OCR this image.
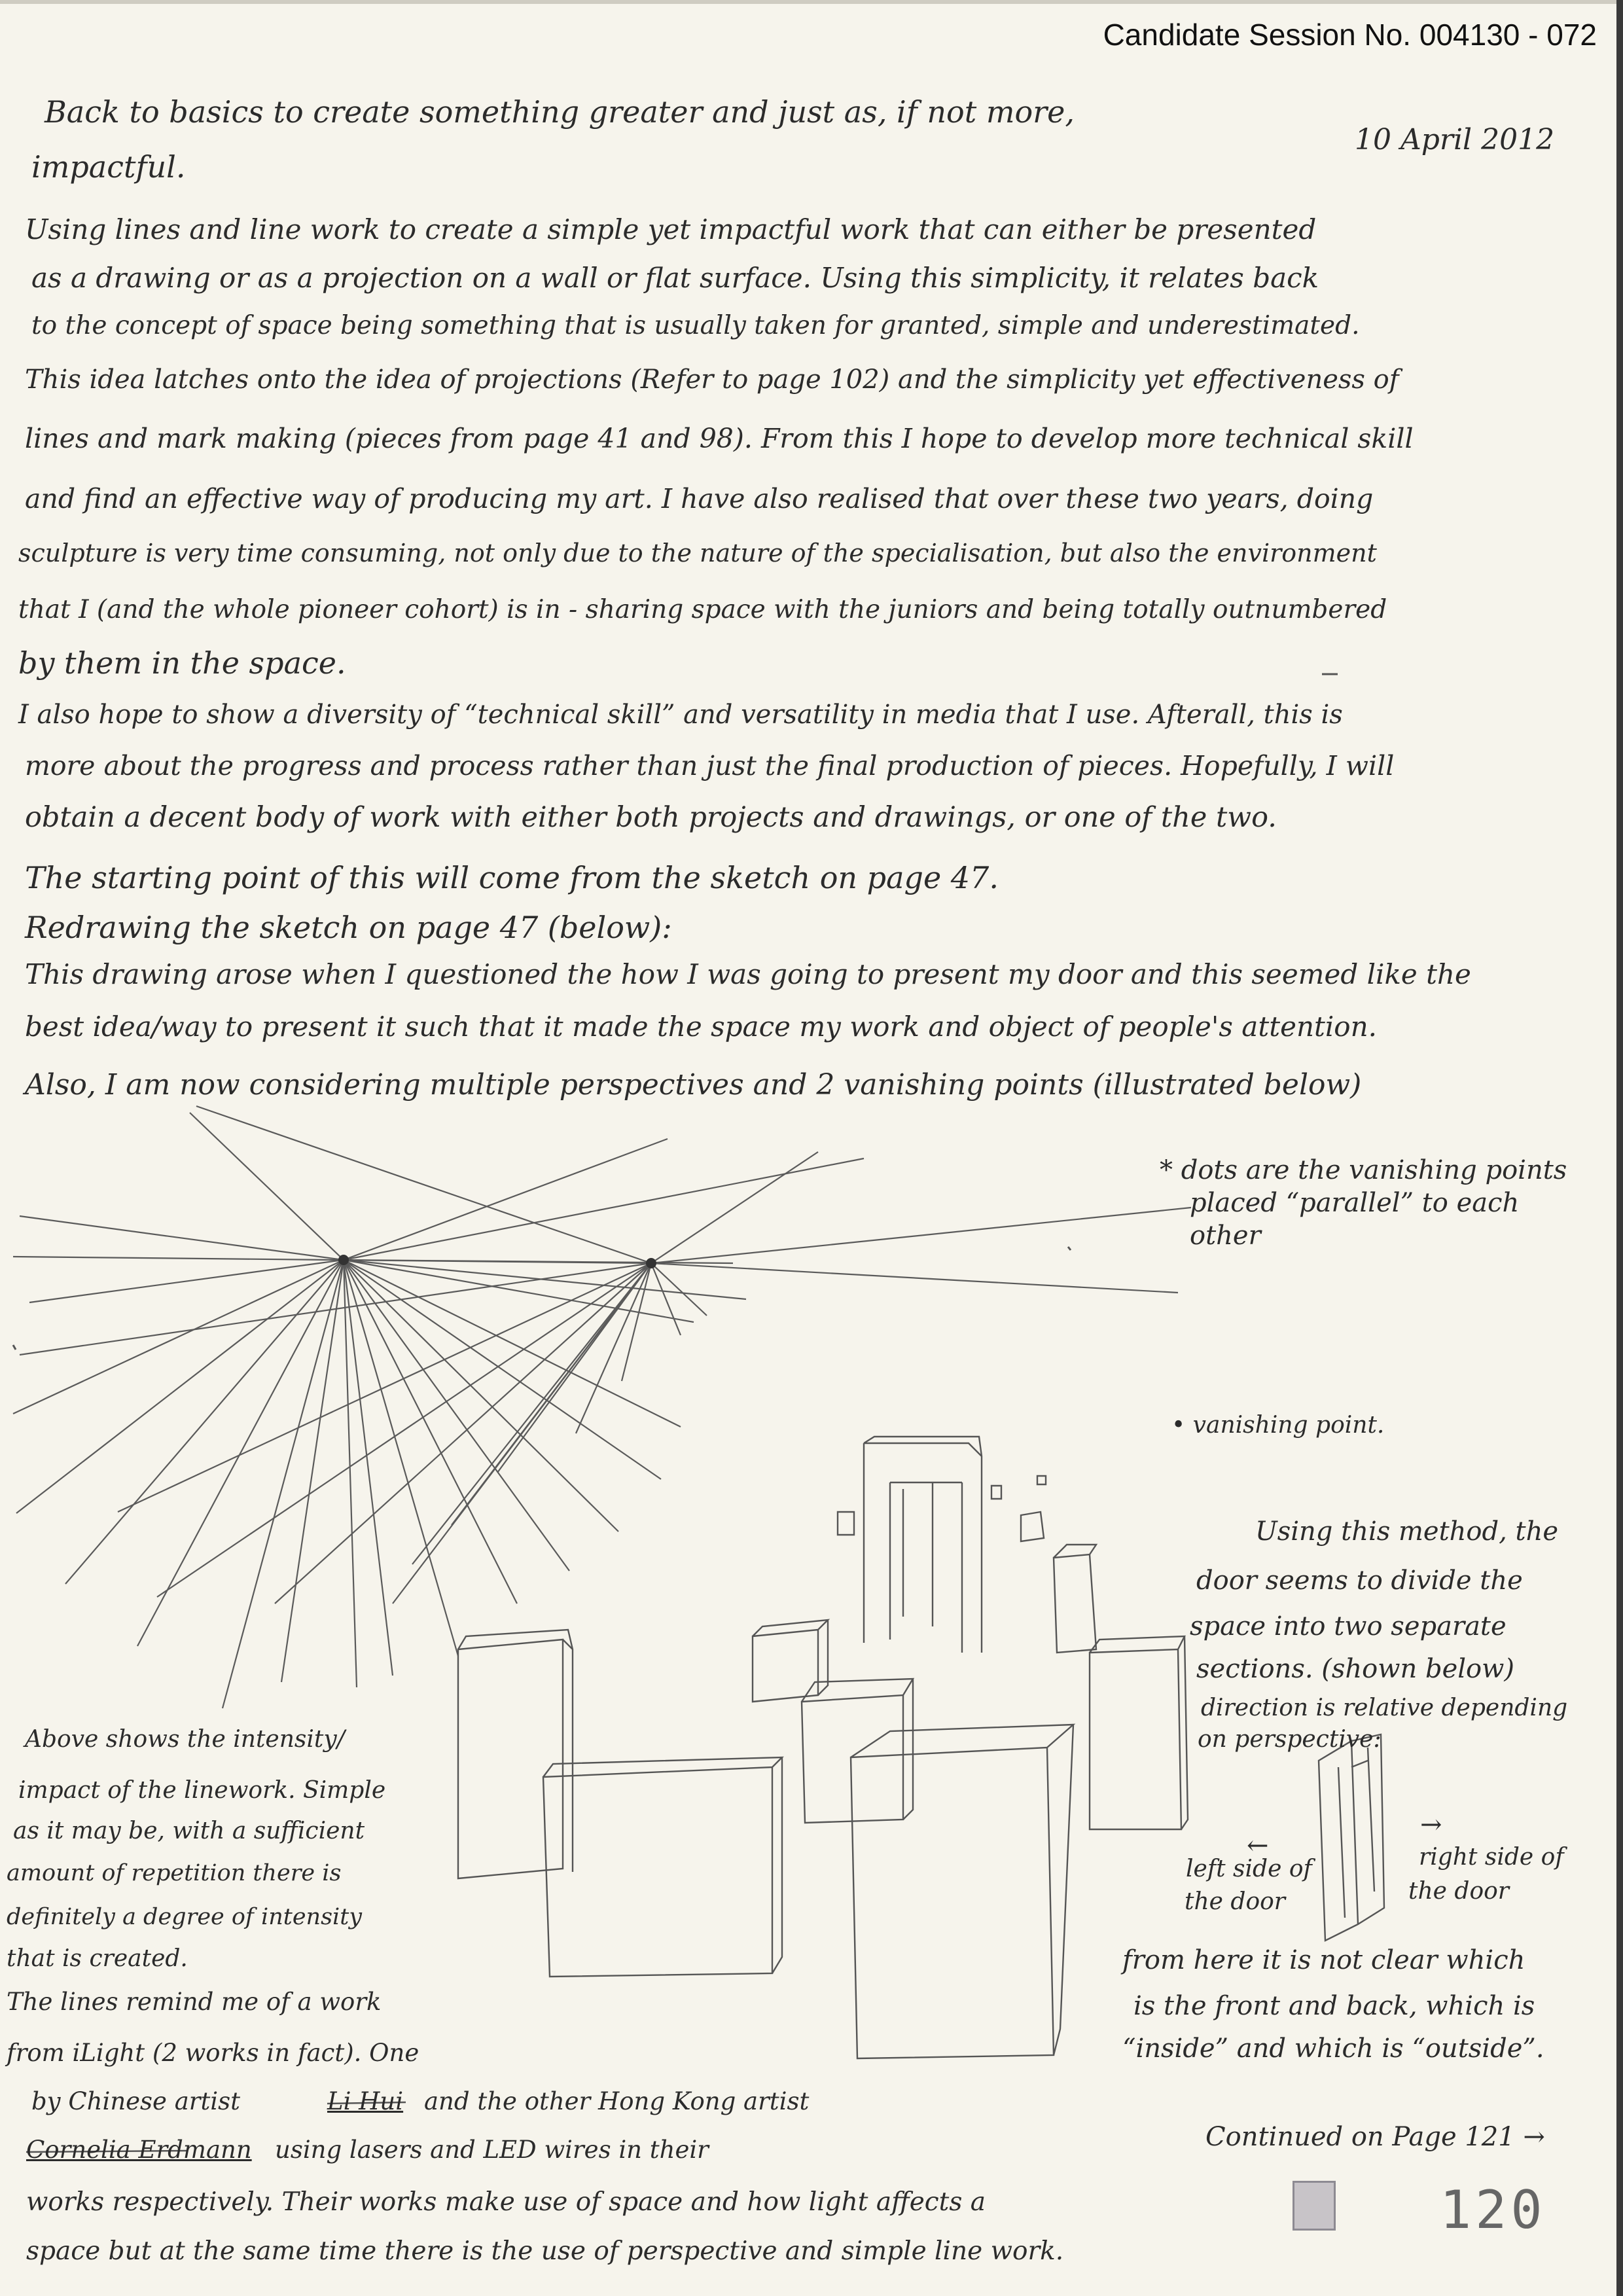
Candidate Session No. 004130 - 072
10 April 2012
Back to basics to create something greater and just as, if not more,
impactful.
Using lines and line work to create a simple yet impactful work that can either be presented
as a drawing or as a projection on a wall or flat surface. Using this simplicity, it relates back
to the concept of space being something that is usually taken for granted, simple and underestimated.
This idea latches onto the idea of projections (Refer to page 102) and the simplicity yet effectiveness of
lines and mark making (pieces from page 41 and 98). From this I hope to develop more technical skill
and find an effective way of producing my art. I have also realised that over these two years, doing
sculpture is very time consuming, not only due to the nature of the specialisation, but also the environment
that I (and the whole pioneer cohort) is in - sharing space with the juniors and being totally outnumbered
by them in the space.
I also hope to show a diversity of “technical skill” and versatility in media that I use. Afterall, this is
more about the progress and process rather than just the final production of pieces. Hopefully, I will
obtain a decent body of work with either both projects and drawings, or one of the two.
The starting point of this will come from the sketch on page 47.
Redrawing the sketch on page 47 (below):
This drawing arose when I questioned the how I was going to present my door and this seemed like the
best idea/way to present it such that it made the space my work and object of people's attention.
Also, I am now considering multiple perspectives and 2 vanishing points (illustrated below)
* dots are the vanishing points
placed “parallel” to each
other
• vanishing point.
Using this method, the
door seems to divide the
space into two separate
sections. (shown below)
direction is relative depending
on perspective:
←
left side of
the door
→
right side of
the door
from here it is not clear which
is the front and back, which is
“inside” and which is “outside”.
Continued on Page 121 →
Above shows the intensity/
impact of the linework. Simple
as it may be, with a sufficient
amount of repetition there is
definitely a degree of intensity
that is created.
The lines remind me of a work
from iLight (2 works in fact). One
by Chinese artist	Li Hui and the other Hong Kong artist
Cornelia Erdmann using lasers and LED wires in their
works respectively. Their works make use of space and how light affects a
space but at the same time there is the use of perspective and simple line work.
120
